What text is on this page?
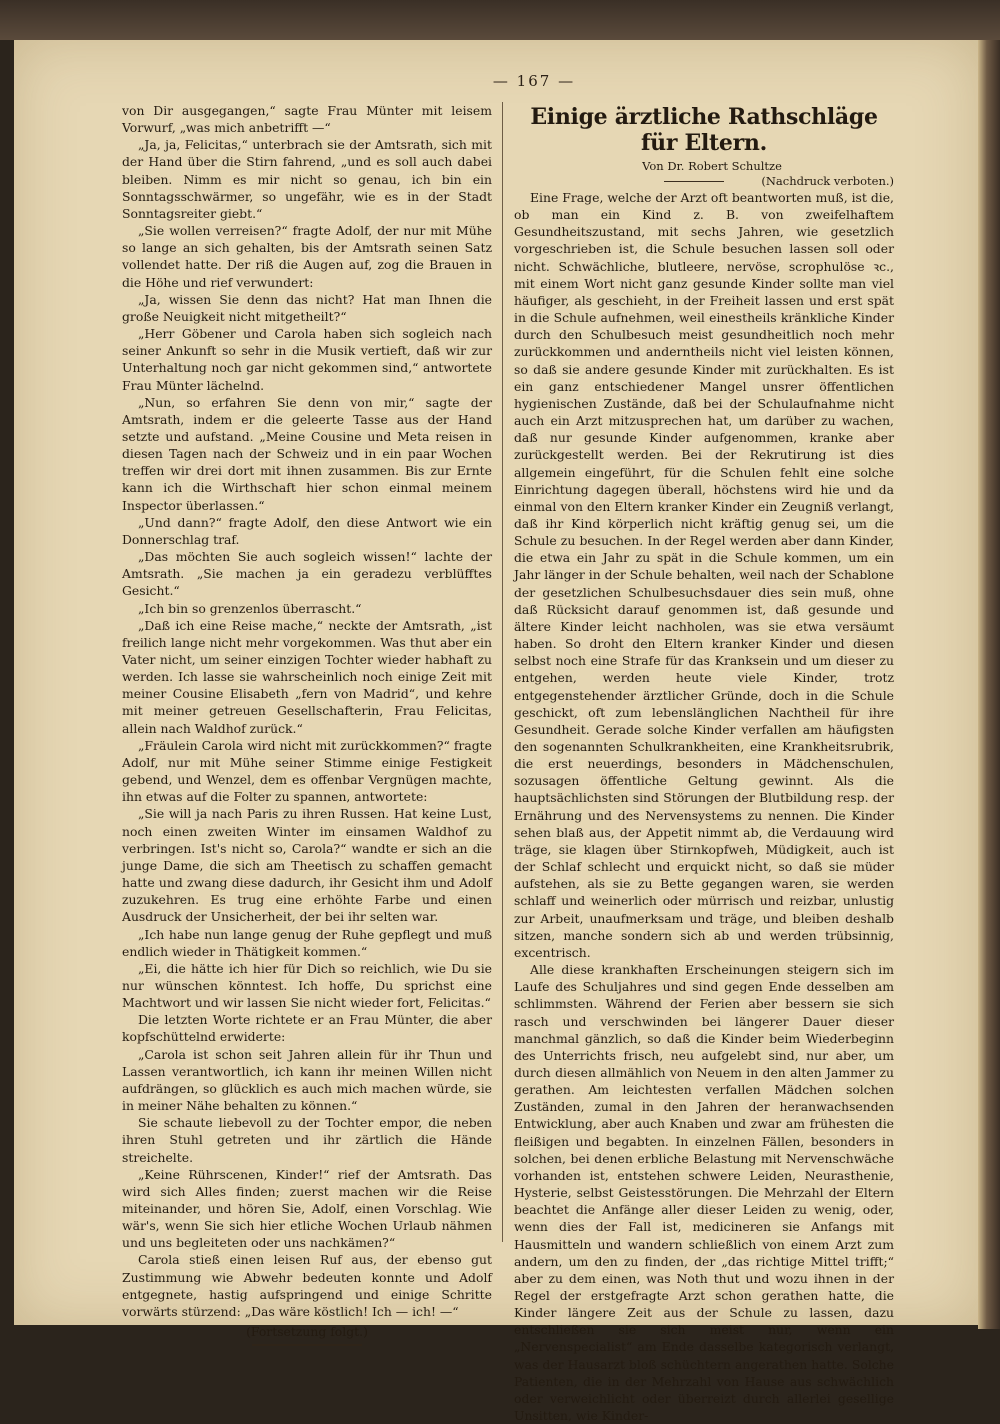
— 167 —

von Dir ausgegangen,“ sagte Frau Münter mit leisem Vorwurf, „was mich anbetrifft —“

„Ja, ja, Felicitas,“ unterbrach sie der Amtsrath, sich mit der Hand über die Stirn fahrend, „und es soll auch dabei bleiben. Nimm es mir nicht so genau, ich bin ein Sonntagsschwärmer, so ungefähr, wie es in der Stadt Sonntagsreiter giebt.“

„Sie wollen verreisen?“ fragte Adolf, der nur mit Mühe so lange an sich gehalten, bis der Amtsrath seinen Satz vollendet hatte. Der riß die Augen auf, zog die Brauen in die Höhe und rief verwundert:

„Ja, wissen Sie denn das nicht? Hat man Ihnen die große Neuigkeit nicht mitgetheilt?“

„Herr Göbener und Carola haben sich sogleich nach seiner Ankunft so sehr in die Musik vertieft, daß wir zur Unterhaltung noch gar nicht gekommen sind,“ antwortete Frau Münter lächelnd.

„Nun, so erfahren Sie denn von mir,“ sagte der Amtsrath, indem er die geleerte Tasse aus der Hand setzte und aufstand. „Meine Cousine und Meta reisen in diesen Tagen nach der Schweiz und in ein paar Wochen treffen wir drei dort mit ihnen zusammen. Bis zur Ernte kann ich die Wirthschaft hier schon einmal meinem Inspector überlassen.“

„Und dann?“ fragte Adolf, den diese Antwort wie ein Donnerschlag traf.

„Das möchten Sie auch sogleich wissen!“ lachte der Amtsrath. „Sie machen ja ein geradezu verblüfftes Gesicht.“

„Ich bin so grenzenlos überrascht.“

„Daß ich eine Reise mache,“ neckte der Amtsrath, „ist freilich lange nicht mehr vorgekommen. Was thut aber ein Vater nicht, um seiner einzigen Tochter wieder habhaft zu werden. Ich lasse sie wahrscheinlich noch einige Zeit mit meiner Cousine Elisabeth „fern von Madrid“, und kehre mit meiner getreuen Gesellschafterin, Frau Felicitas, allein nach Waldhof zurück.“

„Fräulein Carola wird nicht mit zurückkommen?“ fragte Adolf, nur mit Mühe seiner Stimme einige Festigkeit gebend, und Wenzel, dem es offenbar Vergnügen machte, ihn etwas auf die Folter zu spannen, antwortete:

„Sie will ja nach Paris zu ihren Russen. Hat keine Lust, noch einen zweiten Winter im einsamen Waldhof zu verbringen. Ist's nicht so, Carola?“ wandte er sich an die junge Dame, die sich am Theetisch zu schaffen gemacht hatte und zwang diese dadurch, ihr Gesicht ihm und Adolf zuzukehren. Es trug eine erhöhte Farbe und einen Ausdruck der Unsicherheit, der bei ihr selten war.

„Ich habe nun lange genug der Ruhe gepflegt und muß endlich wieder in Thätigkeit kommen.“

„Ei, die hätte ich hier für Dich so reichlich, wie Du sie nur wünschen könntest. Ich hoffe, Du sprichst eine Machtwort und wir lassen Sie nicht wieder fort, Felicitas.“

Die letzten Worte richtete er an Frau Münter, die aber kopfschüttelnd erwiderte:

„Carola ist schon seit Jahren allein für ihr Thun und Lassen verantwortlich, ich kann ihr meinen Willen nicht aufdrängen, so glücklich es auch mich machen würde, sie in meiner Nähe behalten zu können.“

Sie schaute liebevoll zu der Tochter empor, die neben ihren Stuhl getreten und ihr zärtlich die Hände streichelte.

„Keine Rührscenen, Kinder!“ rief der Amtsrath. Das wird sich Alles finden; zuerst machen wir die Reise miteinander, und hören Sie, Adolf, einen Vorschlag. Wie wär's, wenn Sie sich hier etliche Wochen Urlaub nähmen und uns begleiteten oder uns nachkämen?“

Carola stieß einen leisen Ruf aus, der ebenso gut Zustimmung wie Abwehr bedeuten konnte und Adolf entgegnete, hastig aufspringend und einige Schritte vorwärts stürzend: „Das wäre köstlich! Ich — ich! —“

(Fortsetzung folgt.)

Einige ärztliche Rathschläge für Eltern.

Von Dr. Robert Schultze

(Nachdruck verboten.)

Eine Frage, welche der Arzt oft beantworten muß, ist die, ob man ein Kind z. B. von zweifelhaftem Gesundheitszustand, mit sechs Jahren, wie gesetzlich vorgeschrieben ist, die Schule besuchen lassen soll oder nicht. Schwächliche, blutleere, nervöse, scrophulöse ꝛc., mit einem Wort nicht ganz gesunde Kinder sollte man viel häufiger, als geschieht, in der Freiheit lassen und erst spät in die Schule aufnehmen, weil einestheils kränkliche Kinder durch den Schulbesuch meist gesundheitlich noch mehr zurückkommen und anderntheils nicht viel leisten können, so daß sie andere gesunde Kinder mit zurückhalten. Es ist ein ganz entschiedener Mangel unsrer öffentlichen hygienischen Zustände, daß bei der Schulaufnahme nicht auch ein Arzt mitzusprechen hat, um darüber zu wachen, daß nur gesunde Kinder aufgenommen, kranke aber zurückgestellt werden. Bei der Rekrutirung ist dies allgemein eingeführt, für die Schulen fehlt eine solche Einrichtung dagegen überall, höchstens wird hie und da einmal von den Eltern kranker Kinder ein Zeugniß verlangt, daß ihr Kind körperlich nicht kräftig genug sei, um die Schule zu besuchen. In der Regel werden aber dann Kinder, die etwa ein Jahr zu spät in die Schule kommen, um ein Jahr länger in der Schule behalten, weil nach der Schablone der gesetzlichen Schulbesuchsdauer dies sein muß, ohne daß Rücksicht darauf genommen ist, daß gesunde und ältere Kinder leicht nachholen, was sie etwa versäumt haben. So droht den Eltern kranker Kinder und diesen selbst noch eine Strafe für das Kranksein und um dieser zu entgehen, werden heute viele Kinder, trotz entgegenstehender ärztlicher Gründe, doch in die Schule geschickt, oft zum lebenslänglichen Nachtheil für ihre Gesundheit. Gerade solche Kinder verfallen am häufigsten den sogenannten Schulkrankheiten, eine Krankheitsrubrik, die erst neuerdings, besonders in Mädchenschulen, sozusagen öffentliche Geltung gewinnt. Als die hauptsächlichsten sind Störungen der Blutbildung resp. der Ernährung und des Nervensystems zu nennen. Die Kinder sehen blaß aus, der Appetit nimmt ab, die Verdauung wird träge, sie klagen über Stirnkopfweh, Müdigkeit, auch ist der Schlaf schlecht und erquickt nicht, so daß sie müder aufstehen, als sie zu Bette gegangen waren, sie werden schlaff und weinerlich oder mürrisch und reizbar, unlustig zur Arbeit, unaufmerksam und träge, und bleiben deshalb sitzen, manche sondern sich ab und werden trübsinnig, excentrisch.

Alle diese krankhaften Erscheinungen steigern sich im Laufe des Schuljahres und sind gegen Ende desselben am schlimmsten. Während der Ferien aber bessern sie sich rasch und verschwinden bei längerer Dauer dieser manchmal gänzlich, so daß die Kinder beim Wiederbeginn des Unterrichts frisch, neu aufgelebt sind, nur aber, um durch diesen allmählich von Neuem in den alten Jammer zu gerathen. Am leichtesten verfallen Mädchen solchen Zuständen, zumal in den Jahren der heranwachsenden Entwicklung, aber auch Knaben und zwar am frühesten die fleißigen und begabten. In einzelnen Fällen, besonders in solchen, bei denen erbliche Belastung mit Nervenschwäche vorhanden ist, entstehen schwere Leiden, Neurasthenie, Hysterie, selbst Geistesstörungen. Die Mehrzahl der Eltern beachtet die Anfänge aller dieser Leiden zu wenig, oder, wenn dies der Fall ist, medicineren sie Anfangs mit Hausmitteln und wandern schließlich von einem Arzt zum andern, um den zu finden, der „das richtige Mittel trifft;“ aber zu dem einen, was Noth thut und wozu ihnen in der Regel der erstgefragte Arzt schon gerathen hatte, die Kinder längere Zeit aus der Schule zu lassen, dazu entschließen sie sich meist nur, wenn ein „Nervenspecialist“ am Ende dasselbe kategorisch verlangt, was der Hausarzt bloß schüchtern angerathen hatte. Solche Patienten, die in der Mehrzahl von Hause aus schwächlich oder verweichlicht oder überreizt durch allerlei gesellige Unsitten, wie Kinder-
